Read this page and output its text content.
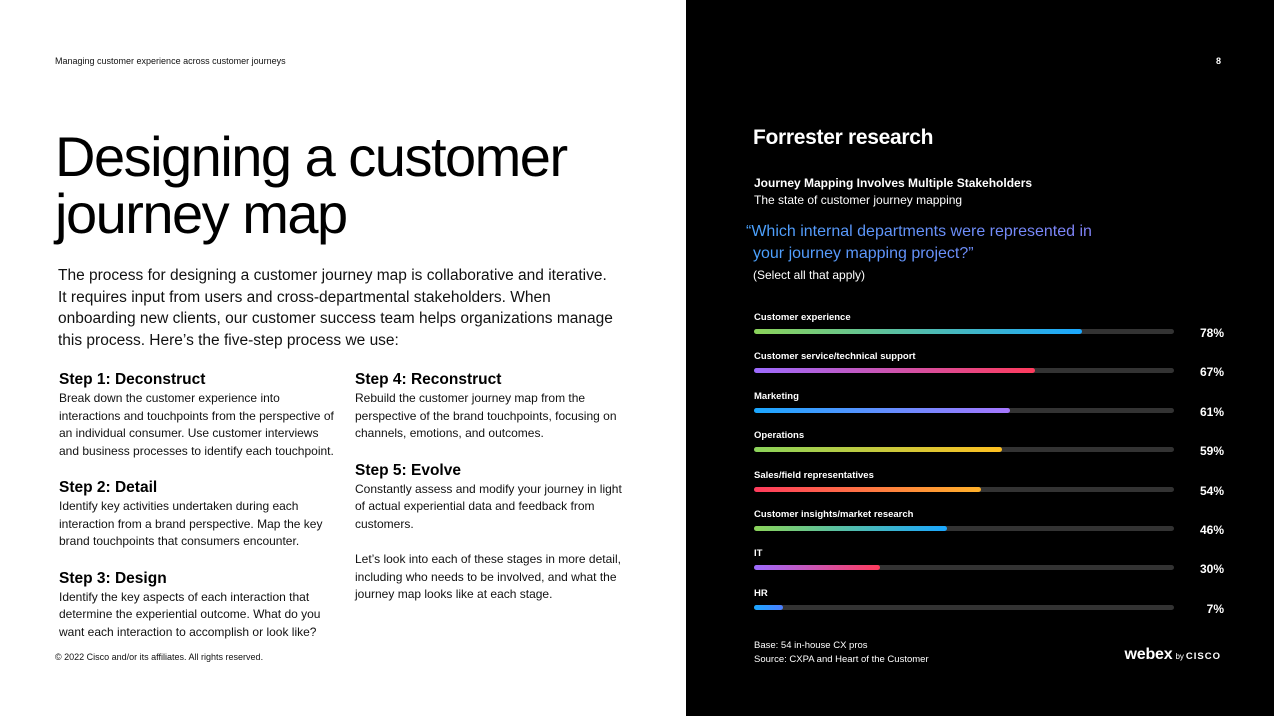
Managing customer experience across customer journeys
Designing a customer
journey map
The process for designing a customer journey map is collaborative and iterative. It requires input from users and cross-departmental stakeholders. When onboarding new clients, our customer success team helps organizations manage this process. Here’s the five-step process we use:
Step 1: Deconstruct
Break down the customer experience into interactions and touchpoints from the perspective of an individual consumer. Use customer interviews and business processes to identify each touchpoint.
Step 2: Detail
Identify key activities undertaken during each interaction from a brand perspective. Map the key brand touchpoints that consumers encounter.
Step 3: Design
Identify the key aspects of each interaction that determine the experiential outcome. What do you want each interaction to accomplish or look like?
Step 4: Reconstruct
Rebuild the customer journey map from the perspective of the brand touchpoints, focusing on channels, emotions, and outcomes.
Step 5: Evolve
Constantly assess and modify your journey in light of actual experiential data and feedback from customers.
Let’s look into each of these stages in more detail, including who needs to be involved, and what the journey map looks like at each stage.
© 2022 Cisco and/or its affiliates. All rights reserved.
8
Forrester research
Journey Mapping Involves Multiple Stakeholders
The state of customer journey mapping
“Which internal departments were represented in
your journey mapping project?”
(Select all that apply)
Customer experience
78%
Customer service/technical support
67%
Marketing
61%
Operations
59%
Sales/field representatives
54%
Customer insights/market research
46%
IT
30%
HR
7%
Base: 54 in-house CX pros
Source: CXPA and Heart of the Customer	webex by CISCO
